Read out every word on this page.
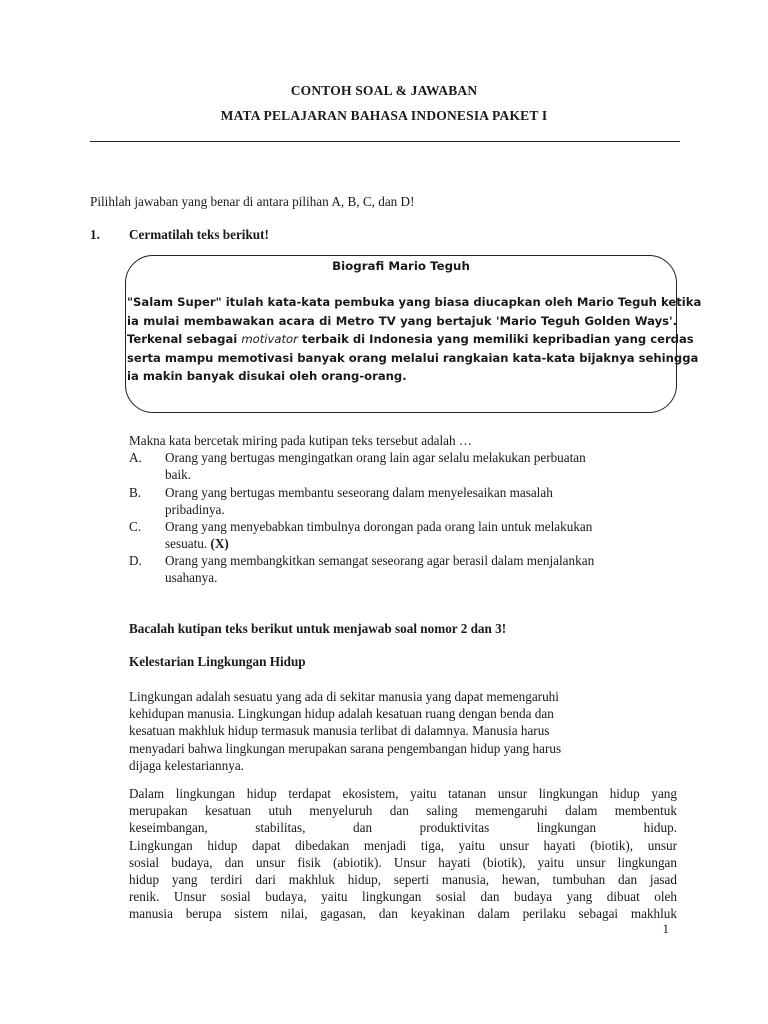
CONTOH SOAL & JAWABAN
MATA PELAJARAN BAHASA INDONESIA PAKET I
Pilihlah jawaban yang benar di antara pilihan A, B, C, dan D!
1. Cermatilah teks berikut!
Biografi Mario Teguh
"Salam Super" itulah kata-kata pembuka yang biasa diucapkan oleh Mario Teguh ketika
ia mulai membawakan acara di Metro TV yang bertajuk 'Mario Teguh Golden Ways'.
Terkenal sebagai motivator terbaik di Indonesia yang memiliki kepribadian yang cerdas
serta mampu memotivasi banyak orang melalui rangkaian kata-kata bijaknya sehingga
ia makin banyak disukai oleh orang-orang.
Makna kata bercetak miring pada kutipan teks tersebut adalah …
A.	Orang yang bertugas mengingatkan orang lain agar selalu melakukan perbuatan
baik.
B.	Orang yang bertugas membantu seseorang dalam menyelesaikan masalah
pribadinya.
C.	Orang yang menyebabkan timbulnya dorongan pada orang lain untuk melakukan
sesuatu. (X)
D.	Orang yang membangkitkan semangat seseorang agar berasil dalam menjalankan
usahanya.
Bacalah kutipan teks berikut untuk menjawab soal nomor 2 dan 3!
Kelestarian Lingkungan Hidup
Lingkungan adalah sesuatu yang ada di sekitar manusia yang dapat memengaruhi
kehidupan manusia. Lingkungan hidup adalah kesatuan ruang dengan benda dan
kesatuan makhluk hidup termasuk manusia terlibat di dalamnya. Manusia harus
menyadari bahwa lingkungan merupakan sarana pengembangan hidup yang harus
dijaga kelestariannya.
Dalam lingkungan hidup terdapat ekosistem, yaitu tatanan unsur lingkungan hidup yang
merupakan kesatuan utuh menyeluruh dan saling memengaruhi dalam membentuk
keseimbangan, stabilitas, dan produktivitas lingkungan hidup.
Lingkungan hidup dapat dibedakan menjadi tiga, yaitu unsur hayati (biotik), unsur
sosial budaya, dan unsur fisik (abiotik). Unsur hayati (biotik), yaitu unsur lingkungan
hidup yang terdiri dari makhluk hidup, seperti manusia, hewan, tumbuhan dan jasad
renik. Unsur sosial budaya, yaitu lingkungan sosial dan budaya yang dibuat oleh
manusia berupa sistem nilai, gagasan, dan keyakinan dalam perilaku sebagai makhluk
1
